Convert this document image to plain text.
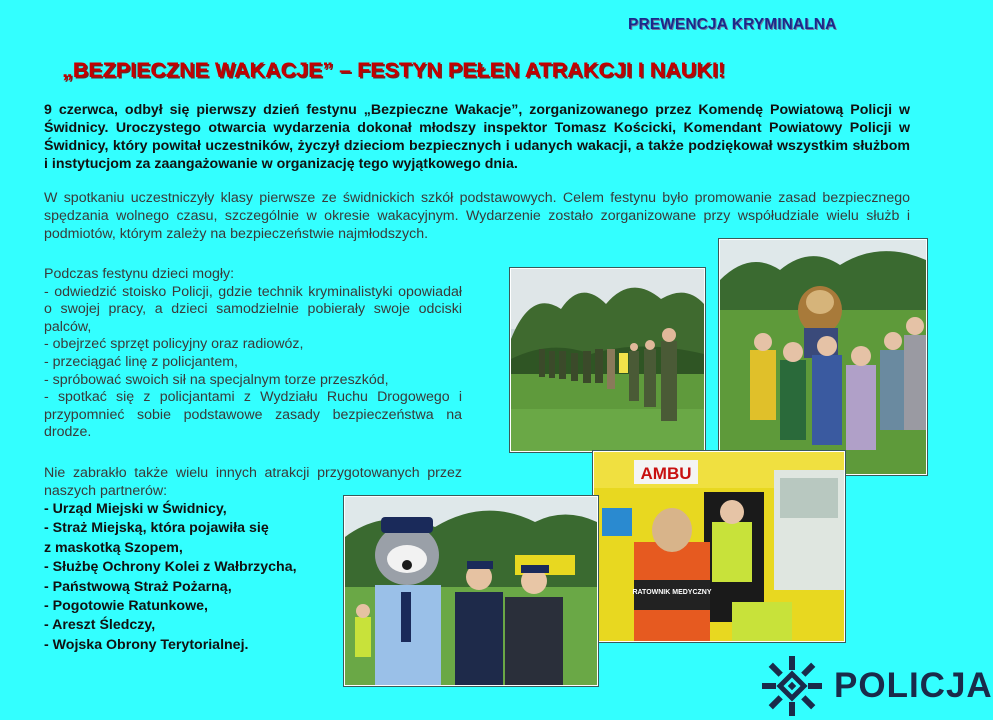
PREWENCJA KRYMINALNA
„BEZPIECZNE WAKACJE” – FESTYN PEŁEN ATRAKCJI I NAUKI!
9 czerwca, odbył się pierwszy dzień festynu „Bezpieczne Wakacje”, zorganizowanego przez Komendę Powiatową Policji w Świdnicy. Uroczystego otwarcia wydarzenia dokonał młodszy inspektor Tomasz Kościcki, Komendant Powiatowy Policji w Świdnicy, który powitał uczestników, życzył dzieciom bezpiecznych i udanych wakacji, a także podziękował wszystkim służbom i instytucjom za zaangażowanie w organizację tego wyjątkowego dnia.
W spotkaniu uczestniczyły klasy pierwsze ze świdnickich szkół podstawowych. Celem festynu było promowanie zasad bezpiecznego spędzania wolnego czasu, szczególnie w okresie wakacyjnym. Wydarzenie zostało zorganizowane przy współudziale wielu służb i podmiotów, którym zależy na bezpieczeństwie najmłodszych.

Podczas festynu dzieci mogły:

- odwiedzić stoisko Policji, gdzie technik kryminalistyki opowiadał o swojej pracy, a dzieci samodzielnie pobierały swoje odciski palców,

- obejrzeć sprzęt policyjny oraz radiowóz,

- przeciągać linę z policjantem,

- spróbować swoich sił na specjalnym torze przeszkód,

- spotkać się z policjantami z Wydziału Ruchu Drogowego i przypomnieć sobie podstawowe zasady bezpieczeństwa na drodze.

Nie zabrakło także wielu innych atrakcji przygotowanych przez naszych partnerów:
- Urząd Miejski w Świdnicy,
- Straż Miejską, która pojawiła się
z maskotką Szopem,
- Służbę Ochrony Kolei z Wałbrzycha,
- Państwową Straż Pożarną,
- Pogotowie Ratunkowe,
- Areszt Śledczy,
- Wojska Obrony Terytorialnej.
AMBU
RATOWNIK MEDYCZNY
POLICJA
